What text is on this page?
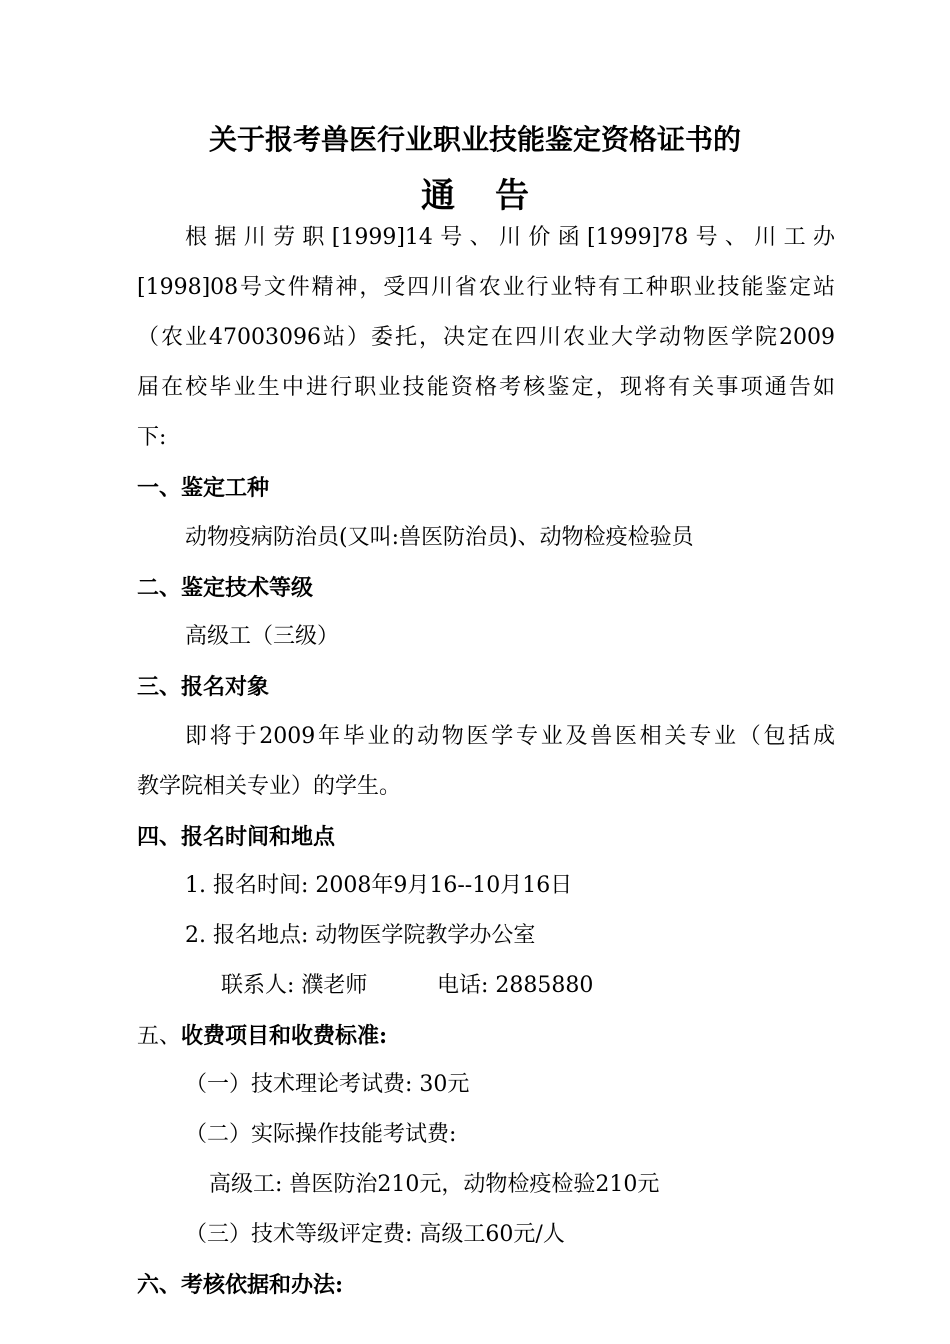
关于报考兽医行业职业技能鉴定资格证书的
通告
根据川劳职[1999]14号、川价函[1999]78号、川工办
[1998]08号文件精神，受四川省农业行业特有工种职业技能鉴定站
（农业47003096站）委托，决定在四川农业大学动物医学院2009
届在校毕业生中进行职业技能资格考核鉴定，现将有关事项通告如
下:
一、鉴定工种
动物疫病防治员(又叫:兽医防治员)、动物检疫检验员
二、鉴定技术等级
高级工（三级）
三、报名对象
即将于2009年毕业的动物医学专业及兽医相关专业（包括成
教学院相关专业）的学生。
四、报名时间和地点
1. 报名时间: 2008年9月16--10月16日
2. 报名地点: 动物医学院教学办公室
联系人: 濮老师	电话: 2885880
五、收费项目和收费标准:
（一）技术理论考试费: 30元
（二）实际操作技能考试费:
高级工: 兽医防治210元，动物检疫检验210元
（三）技术等级评定费: 高级工60元/人
六、考核依据和办法:
